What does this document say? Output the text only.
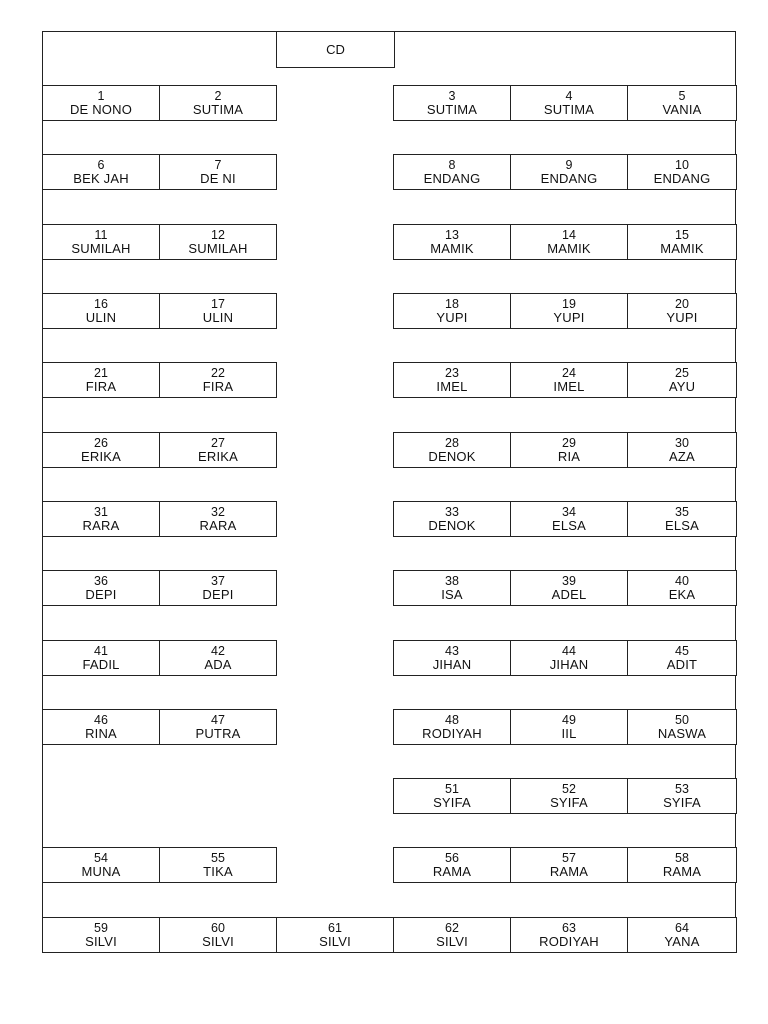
CD
1
DE NONO
2
SUTIMA
3
SUTIMA
4
SUTIMA
5
VANIA
6
BEK JAH
7
DE NI
8
ENDANG
9
ENDANG
10
ENDANG
11
SUMILAH
12
SUMILAH
13
MAMIK
14
MAMIK
15
MAMIK
16
ULIN
17
ULIN
18
YUPI
19
YUPI
20
YUPI
21
FIRA
22
FIRA
23
IMEL
24
IMEL
25
AYU
26
ERIKA
27
ERIKA
28
DENOK
29
RIA
30
AZA
31
RARA
32
RARA
33
DENOK
34
ELSA
35
ELSA
36
DEPI
37
DEPI
38
ISA
39
ADEL
40
EKA
41
FADIL
42
ADA
43
JIHAN
44
JIHAN
45
ADIT
46
RINA
47
PUTRA
48
RODIYAH
49
IIL
50
NASWA
51
SYIFA
52
SYIFA
53
SYIFA
54
MUNA
55
TIKA
56
RAMA
57
RAMA
58
RAMA
59
SILVI
60
SILVI
61
SILVI
62
SILVI
63
RODIYAH
64
YANA
